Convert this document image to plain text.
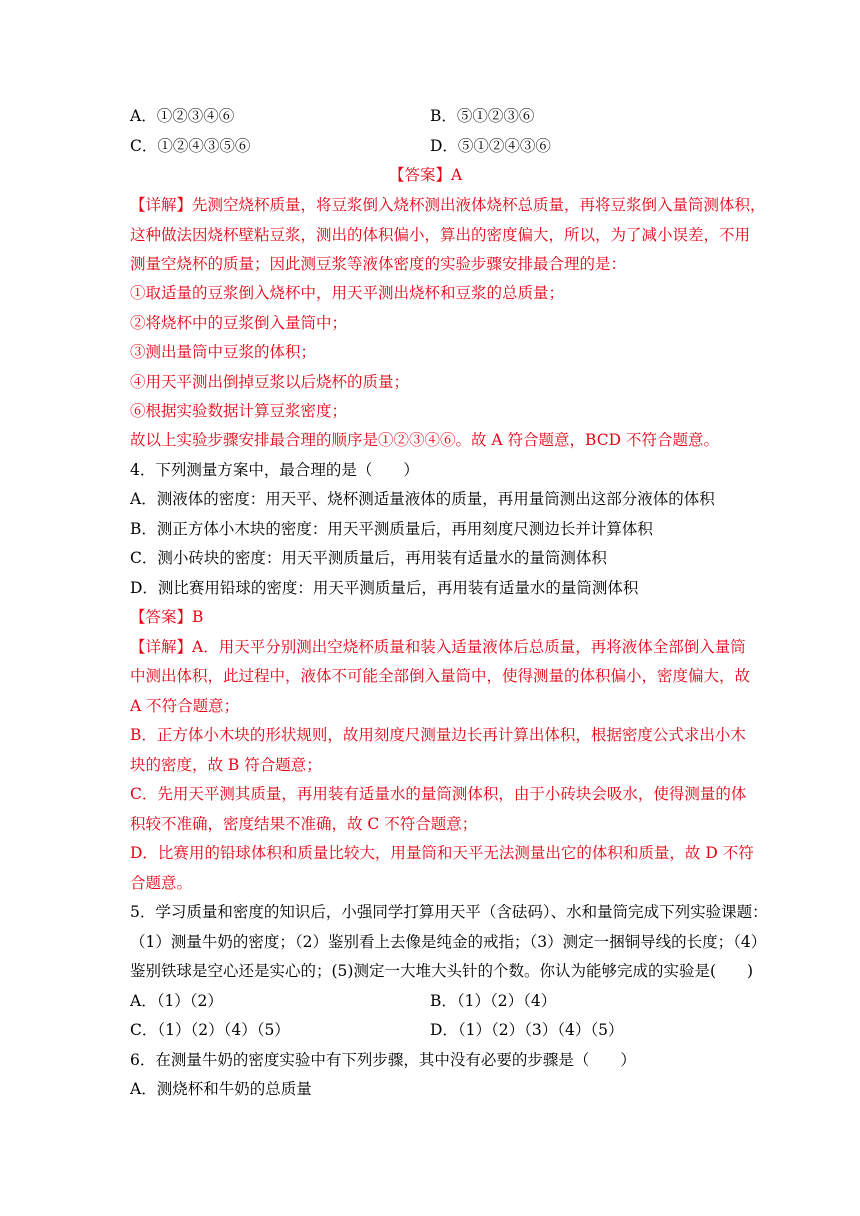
A．①②③④⑥	B．⑤①②③⑥
C．①②④③⑤⑥	D．⑤①②④③⑥
【答案】A
【详解】先测空烧杯质量，将豆浆倒入烧杯测出液体烧杯总质量，再将豆浆倒入量筒测体积，
这种做法因烧杯壁粘豆浆，测出的体积偏小，算出的密度偏大，所以，为了减小误差，不用
测量空烧杯的质量；因此测豆浆等液体密度的实验步骤安排最合理的是：
①取适量的豆浆倒入烧杯中，用天平测出烧杯和豆浆的总质量；
②将烧杯中的豆浆倒入量筒中；
③测出量筒中豆浆的体积；
④用天平测出倒掉豆浆以后烧杯的质量；
⑥根据实验数据计算豆浆密度；
故以上实验步骤安排最合理的顺序是①②③④⑥。故 A 符合题意，BCD 不符合题意。
4．下列测量方案中，最合理的是（　　）
A．测液体的密度：用天平、烧杯测适量液体的质量，再用量筒测出这部分液体的体积
B．测正方体小木块的密度：用天平测质量后，再用刻度尺测边长并计算体积
C．测小砖块的密度：用天平测质量后，再用装有适量水的量筒测体积
D．测比赛用铅球的密度：用天平测质量后，再用装有适量水的量筒测体积
【答案】B
【详解】A．用天平分别测出空烧杯质量和装入适量液体后总质量，再将液体全部倒入量筒
中测出体积，此过程中，液体不可能全部倒入量筒中，使得测量的体积偏小，密度偏大，故
A 不符合题意；
B．正方体小木块的形状规则，故用刻度尺测量边长再计算出体积，根据密度公式求出小木
块的密度，故 B 符合题意；
C．先用天平测其质量，再用装有适量水的量筒测体积，由于小砖块会吸水，使得测量的体
积较不准确，密度结果不准确，故 C 不符合题意；
D．比赛用的铅球体积和质量比较大，用量筒和天平无法测量出它的体积和质量，故 D 不符
合题意。
5．学习质量和密度的知识后，小强同学打算用天平（含砝码）、水和量筒完成下列实验课题：
（1）测量牛奶的密度；（2）鉴别看上去像是纯金的戒指；（3）测定一捆铜导线的长度；（4）
鉴别铁球是空心还是实心的；(5)测定一大堆大头针的个数。你认为能够完成的实验是(　　)
A．（1）（2）	B．（1）（2）（4）
C．（1）（2）（4）（5）	D．（1）（2）（3）（4）（5）
6．在测量牛奶的密度实验中有下列步骤，其中没有必要的步骤是（　　）
A．测烧杯和牛奶的总质量
